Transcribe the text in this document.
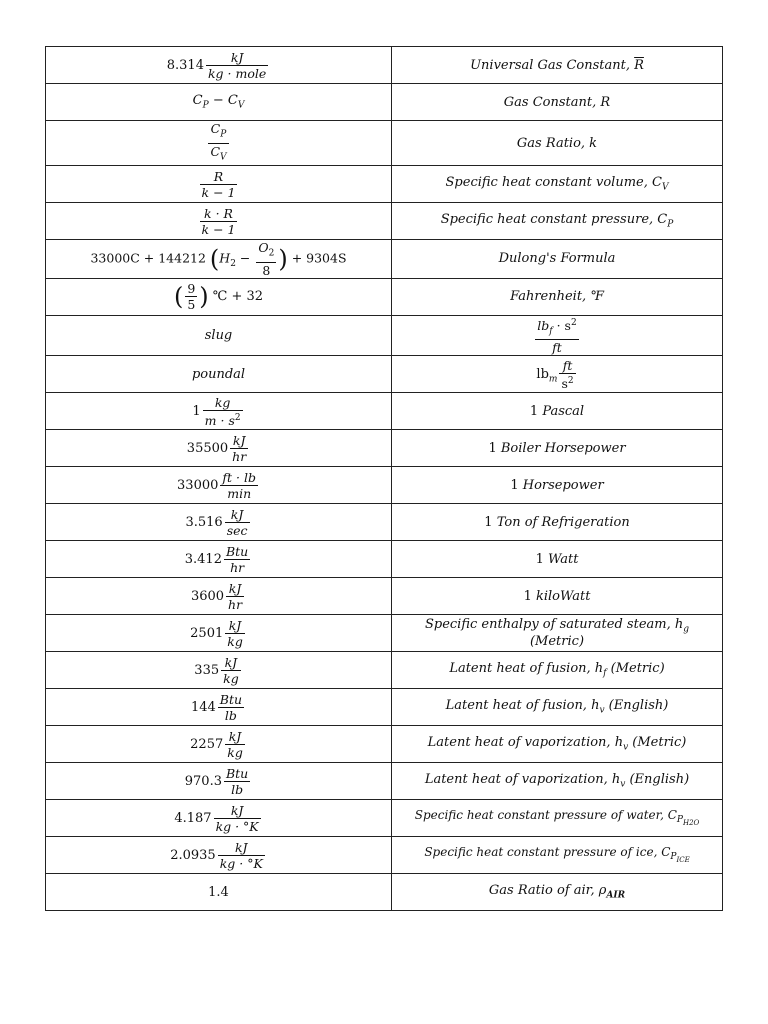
$8.314 \frac{kJ}{\text{kg · mole}}$	Universal Gas Constant, $\overline{R}$
$C_P - C_V$	Gas Constant, R

$\frac{C_P}{C_V}$	Gas Ratio, k

$\frac{R}{k - 1}$	Specific heat constant volume, $C_V$

$\frac{k \cdot R}{k - 1}$	Specific heat constant pressure, $C_P$
33000C + 144212 ($H_2 - \frac{O_2}{8}$ ) + 9304S	Dulong's Formula
( $\frac{9}{5}$ ) ℃ + 32	Fahrenheit, ℉
slug	$\frac{lb_f \cdot s^2}{ft}$

poundal	$lb_m \frac{ft}{s^2}$

$1 \frac{kg}{m \cdot s^2}$	1 Pascal
$35500 \frac{kJ}{hr}$	1 Boiler Horsepower
$33000 \frac{ft \cdot lb}{\min}$	1 Horsepower
$3.516 \frac{kJ}{\sec}$	1 Ton of Refrigeration
$3.412 \frac{\text{Btu}}{hr}$	1 Watt
$3600 \frac{kJ}{hr}$	1 kiloWatt
$2501 \frac{kJ}{kg}$	Specific enthalpy of saturated steam, $h_g$ (Metric)
$335 \frac{kJ}{kg}$	Latent heat of fusion, $h_f$ (Metric)
$144 \frac{\text{Btu}}{lb}$	Latent heat of fusion, $h_v$ (English)
$2257 \frac{kJ}{kg}$	Latent heat of vaporization, $h_v$ (Metric)
$970.3 \frac{\text{Btu}}{lb}$	Latent heat of vaporization, $h_v$ (English)
$4.187 \frac{kJ}{kg \cdot ^\circ K}$	Specific heat constant pressure of water, $C_{P_{H2O}}$
$2.0935 \frac{kJ}{kg \cdot ^\circ K}$	Specific heat constant pressure of ice, $C_{P_{ICE}}$
1.4	Gas Ratio of air, $\rho_{AIR}$
